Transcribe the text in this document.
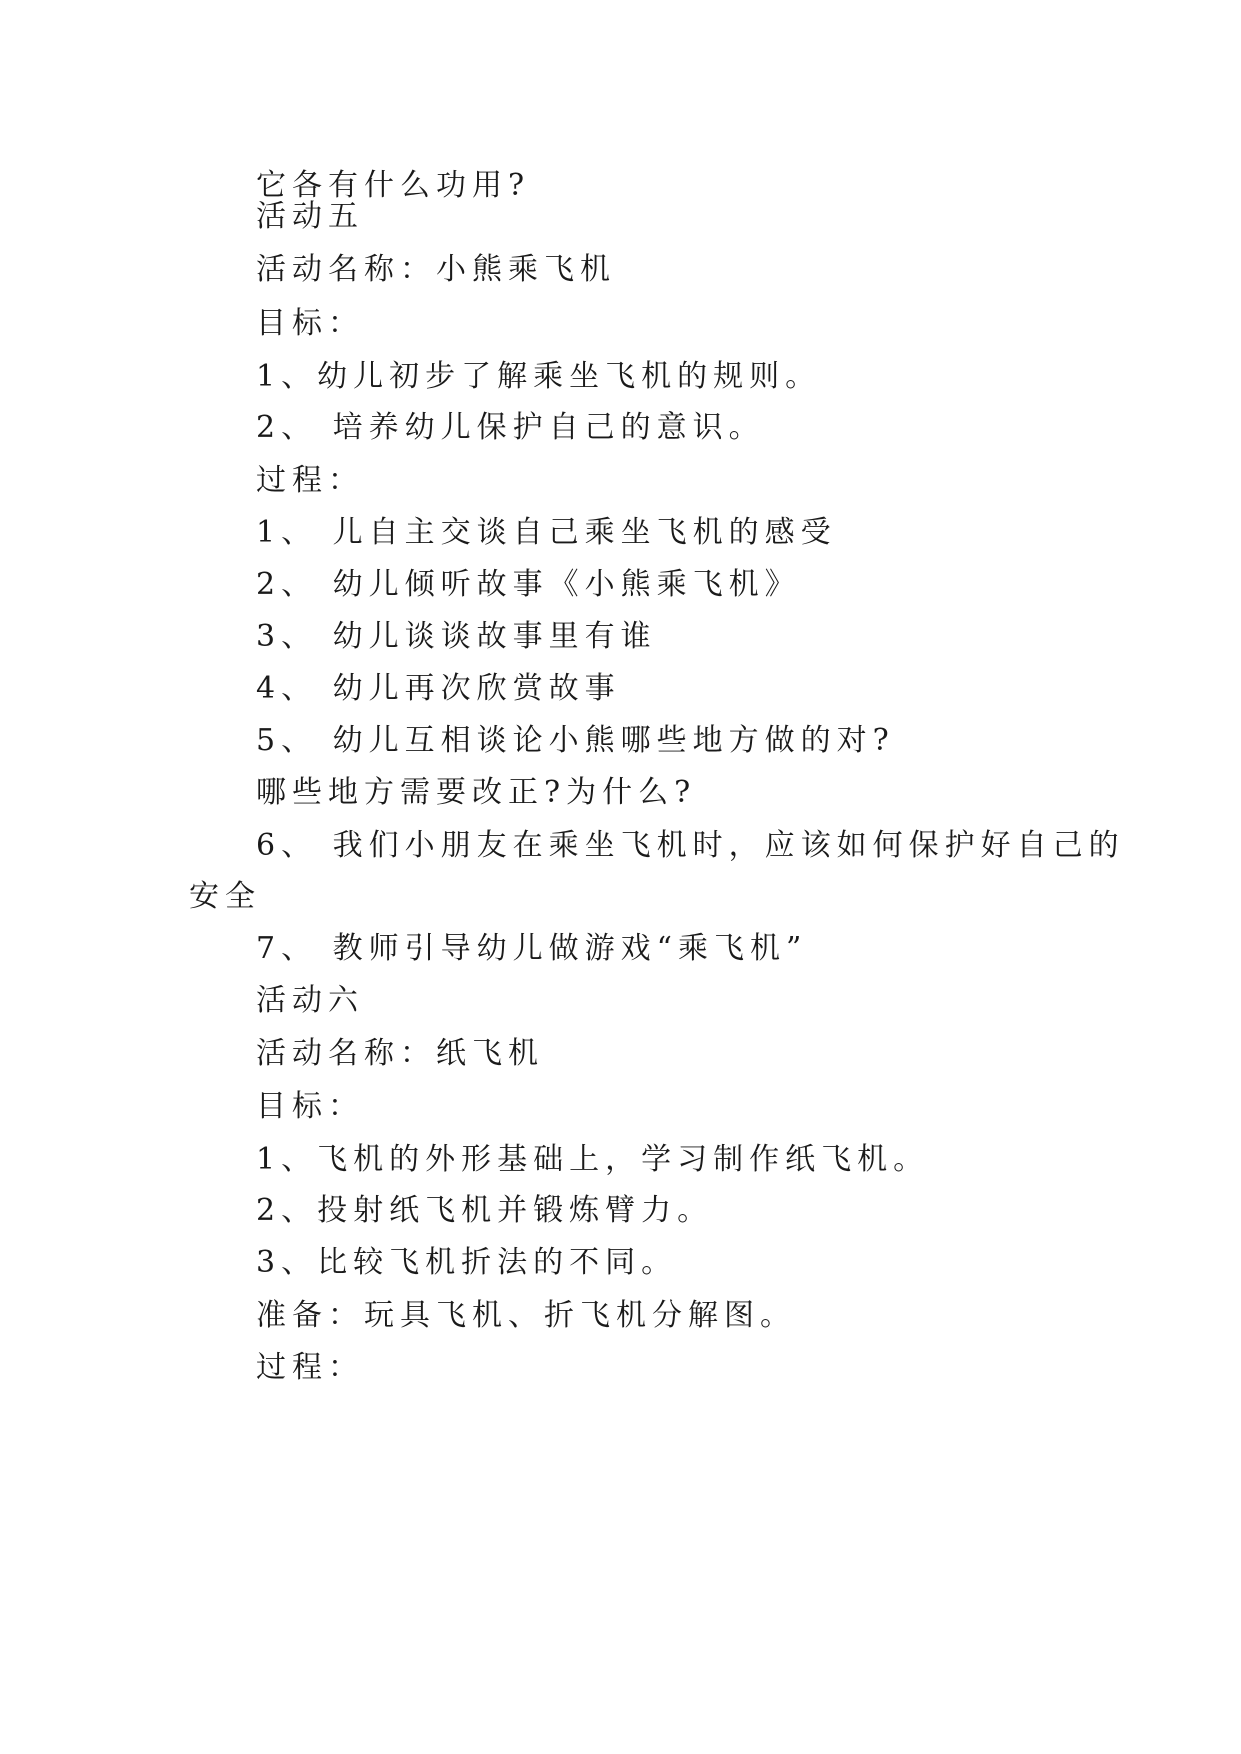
它各有什么功用?
活动五
活动名称：小熊乘飞机
目标：
1、幼儿初步了解乘坐飞机的规则。
2、 培养幼儿保护自己的意识。
过程：
1、 儿自主交谈自己乘坐飞机的感受
2、 幼儿倾听故事《小熊乘飞机》
3、 幼儿谈谈故事里有谁
4、 幼儿再次欣赏故事
5、 幼儿互相谈论小熊哪些地方做的对?
哪些地方需要改正?为什么?
6、 我们小朋友在乘坐飞机时，应该如何保护好自己的
安全
7、 教师引导幼儿做游戏“乘飞机”
活动六
活动名称：纸飞机
目标：
1、飞机的外形基础上，学习制作纸飞机。
2、投射纸飞机并锻炼臂力。
3、比较飞机折法的不同。
准备：玩具飞机、折飞机分解图。
过程：
